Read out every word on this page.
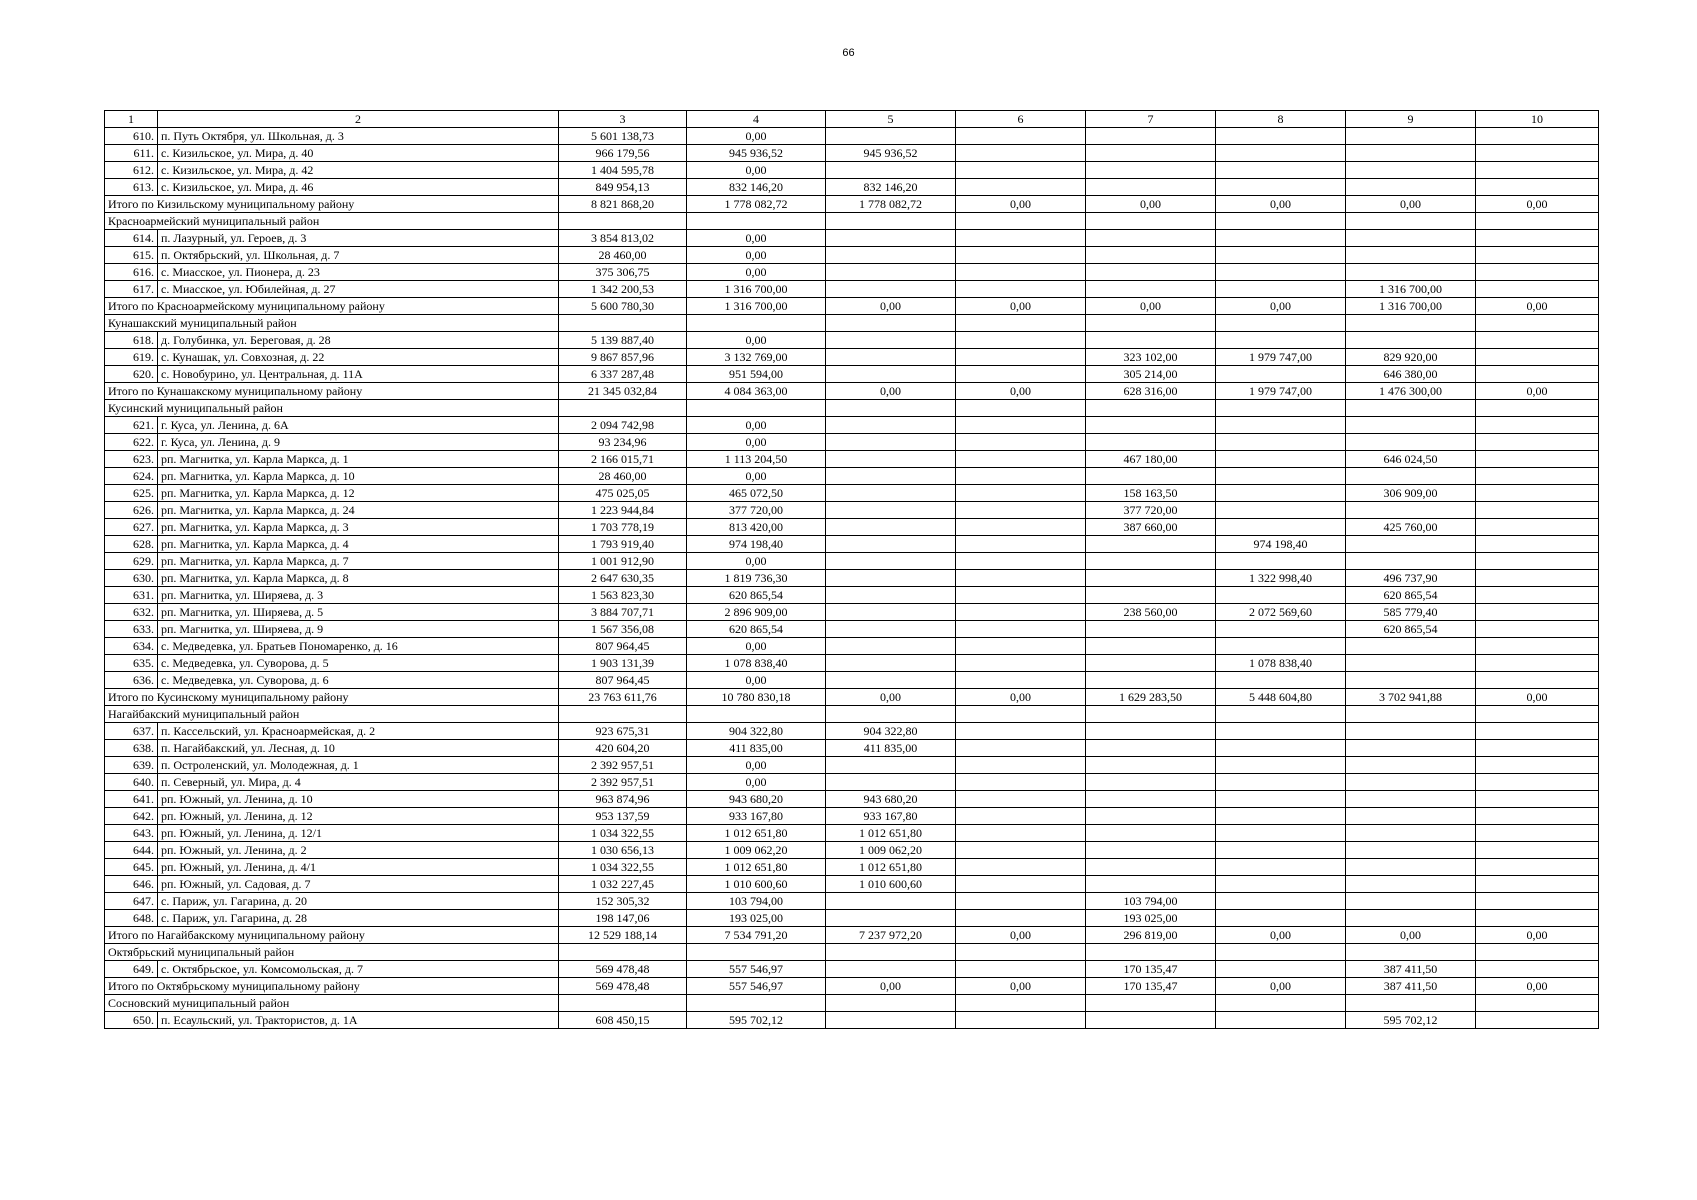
66
1	2	3	4	5	6	7	8	9	10
610.	п. Путь Октября, ул. Школьная, д. 3	5 601 138,73	0,00						
611.	с. Кизильское, ул. Мира, д. 40	966 179,56	945 936,52	945 936,52					
612.	с. Кизильское, ул. Мира, д. 42	1 404 595,78	0,00						
613.	с. Кизильское, ул. Мира, д. 46	849 954,13	832 146,20	832 146,20					
Итого по Кизильскому муниципальному району		8 821 868,20	1 778 082,72	1 778 082,72	0,00	0,00	0,00	0,00	0,00
Красноармейский муниципальный район									
614.	п. Лазурный, ул. Героев, д. 3	3 854 813,02	0,00						
615.	п. Октябрьский, ул. Школьная, д. 7	28 460,00	0,00						
616.	с. Миасское, ул. Пионера, д. 23	375 306,75	0,00						
617.	с. Миасское, ул. Юбилейная, д. 27	1 342 200,53	1 316 700,00					1 316 700,00	
Итого по Красноармейскому муниципальному району		5 600 780,30	1 316 700,00	0,00	0,00	0,00	0,00	1 316 700,00	0,00
Кунашакский муниципальный район									
618.	д. Голубинка, ул. Береговая, д. 28	5 139 887,40	0,00						
619.	с. Кунашак, ул. Совхозная, д. 22	9 867 857,96	3 132 769,00			323 102,00	1 979 747,00	829 920,00	
620.	с. Новобурино, ул. Центральная, д. 11А	6 337 287,48	951 594,00			305 214,00		646 380,00	
Итого по Кунашакскому муниципальному району		21 345 032,84	4 084 363,00	0,00	0,00	628 316,00	1 979 747,00	1 476 300,00	0,00
Кусинский муниципальный район									
621.	г. Куса, ул. Ленина, д. 6А	2 094 742,98	0,00						
622.	г. Куса, ул. Ленина, д. 9	93 234,96	0,00						
623.	рп. Магнитка, ул. Карла Маркса, д. 1	2 166 015,71	1 113 204,50			467 180,00		646 024,50	
624.	рп. Магнитка, ул. Карла Маркса, д. 10	28 460,00	0,00						
625.	рп. Магнитка, ул. Карла Маркса, д. 12	475 025,05	465 072,50			158 163,50		306 909,00	
626.	рп. Магнитка, ул. Карла Маркса, д. 24	1 223 944,84	377 720,00			377 720,00			
627.	рп. Магнитка, ул. Карла Маркса, д. 3	1 703 778,19	813 420,00			387 660,00		425 760,00	
628.	рп. Магнитка, ул. Карла Маркса, д. 4	1 793 919,40	974 198,40				974 198,40		
629.	рп. Магнитка, ул. Карла Маркса, д. 7	1 001 912,90	0,00						
630.	рп. Магнитка, ул. Карла Маркса, д. 8	2 647 630,35	1 819 736,30				1 322 998,40	496 737,90	
631.	рп. Магнитка, ул. Ширяева, д. 3	1 563 823,30	620 865,54					620 865,54	
632.	рп. Магнитка, ул. Ширяева, д. 5	3 884 707,71	2 896 909,00			238 560,00	2 072 569,60	585 779,40	
633.	рп. Магнитка, ул. Ширяева, д. 9	1 567 356,08	620 865,54					620 865,54	
634.	с. Медведевка, ул. Братьев Пономаренко, д. 16	807 964,45	0,00						
635.	с. Медведевка, ул. Суворова, д. 5	1 903 131,39	1 078 838,40				1 078 838,40		
636.	с. Медведевка, ул. Суворова, д. 6	807 964,45	0,00						
Итого по Кусинскому муниципальному району		23 763 611,76	10 780 830,18	0,00	0,00	1 629 283,50	5 448 604,80	3 702 941,88	0,00
Нагайбакский муниципальный район									
637.	п. Кассельский, ул. Красноармейская, д. 2	923 675,31	904 322,80	904 322,80					
638.	п. Нагайбакский, ул. Лесная, д. 10	420 604,20	411 835,00	411 835,00					
639.	п. Остроленский, ул. Молодежная, д. 1	2 392 957,51	0,00						
640.	п. Северный, ул. Мира, д. 4	2 392 957,51	0,00						
641.	рп. Южный, ул. Ленина, д. 10	963 874,96	943 680,20	943 680,20					
642.	рп. Южный, ул. Ленина, д. 12	953 137,59	933 167,80	933 167,80					
643.	рп. Южный, ул. Ленина, д. 12/1	1 034 322,55	1 012 651,80	1 012 651,80					
644.	рп. Южный, ул. Ленина, д. 2	1 030 656,13	1 009 062,20	1 009 062,20					
645.	рп. Южный, ул. Ленина, д. 4/1	1 034 322,55	1 012 651,80	1 012 651,80					
646.	рп. Южный, ул. Садовая, д. 7	1 032 227,45	1 010 600,60	1 010 600,60					
647.	с. Париж, ул. Гагарина, д. 20	152 305,32	103 794,00			103 794,00			
648.	с. Париж, ул. Гагарина, д. 28	198 147,06	193 025,00			193 025,00			
Итого по Нагайбакскому муниципальному району		12 529 188,14	7 534 791,20	7 237 972,20	0,00	296 819,00	0,00	0,00	0,00
Октябрьский муниципальный район									
649.	с. Октябрьское, ул. Комсомольская, д. 7	569 478,48	557 546,97			170 135,47		387 411,50	
Итого по Октябрьскому муниципальному району		569 478,48	557 546,97	0,00	0,00	170 135,47	0,00	387 411,50	0,00
Сосновский муниципальный район									
650.	п. Есаульский, ул. Трактористов, д. 1А	608 450,15	595 702,12					595 702,12	
